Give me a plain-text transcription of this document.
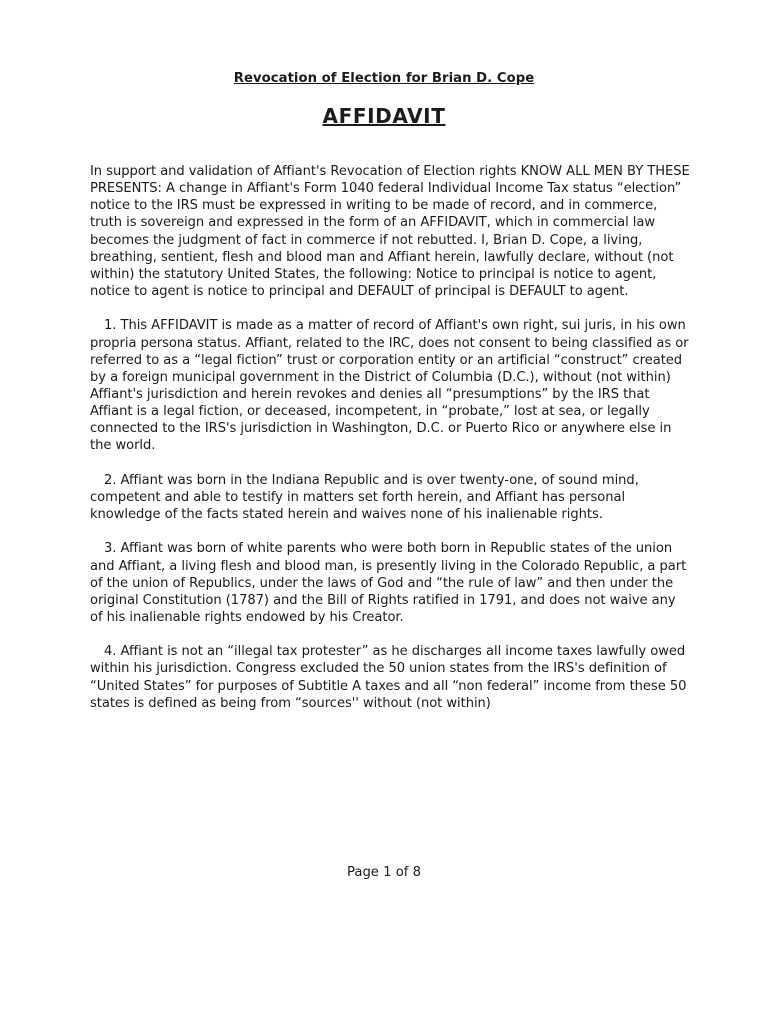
Revocation of Election for Brian D. Cope
AFFIDAVIT

In support and validation of Affiant's Revocation of Election rights KNOW ALL MEN BY THESE PRESENTS: A change in Affiant's Form 1040 federal Individual Income Tax status “election” notice to the IRS must be expressed in writing to be made of record, and in commerce, truth is sovereign and expressed in the form of an AFFIDAVIT, which in commercial law becomes the judgment of fact in commerce if not rebutted. I, Brian D. Cope, a living, breathing, sentient, flesh and blood man and Affiant herein, lawfully declare, without (not within) the statutory United States, the following: Notice to principal is notice to agent, notice to agent is notice to principal and DEFAULT of principal is DEFAULT to agent.

1. This AFFIDAVIT is made as a matter of record of Affiant's own right, sui juris, in his own propria persona status. Affiant, related to the IRC, does not consent to being classified as or referred to as a “legal fiction” trust or corporation entity or an artificial “construct” created by a foreign municipal government in the District of Columbia (D.C.), without (not within) Affiant's jurisdiction and herein revokes and denies all “presumptions” by the IRS that Affiant is a legal fiction, or deceased, incompetent, in “probate,” lost at sea, or legally connected to the IRS's jurisdiction in Washington, D.C. or Puerto Rico or anywhere else in the world.

2. Affiant was born in the Indiana Republic and is over twenty-one, of sound mind, competent and able to testify in matters set forth herein, and Affiant has personal knowledge of the facts stated herein and waives none of his inalienable rights.

3. Affiant was born of white parents who were both born in Republic states of the union and Affiant, a living flesh and blood man, is presently living in the Colorado Republic, a part of the union of Republics, under the laws of God and “the rule of law” and then under the original Constitution (1787) and the Bill of Rights ratified in 1791, and does not waive any of his inalienable rights endowed by his Creator.

4. Affiant is not an “illegal tax protester” as he discharges all income taxes lawfully owed within his jurisdiction. Congress excluded the 50 union states from the IRS's definition of “United States” for purposes of Subtitle A taxes and all “non federal” income from these 50 states is defined as being from “sources'' without (not within)

Page 1 of 8
